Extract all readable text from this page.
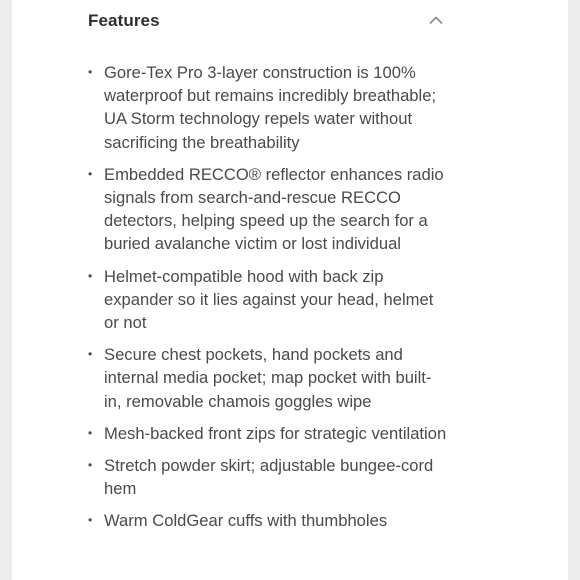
Features
• Gore-Tex Pro 3-layer construction is 100% waterproof but remains incredibly breathable; UA Storm technology repels water without sacrificing the breathability
• Embedded RECCO® reflector enhances radio signals from search-and-rescue RECCO detectors, helping speed up the search for a buried avalanche victim or lost individual
• Helmet-compatible hood with back zip expander so it lies against your head, helmet or not
• Secure chest pockets, hand pockets and internal media pocket; map pocket with built-in, removable chamois goggles wipe
• Mesh-backed front zips for strategic ventilation
• Stretch powder skirt; adjustable bungee-cord hem
• Warm ColdGear cuffs with thumbholes
